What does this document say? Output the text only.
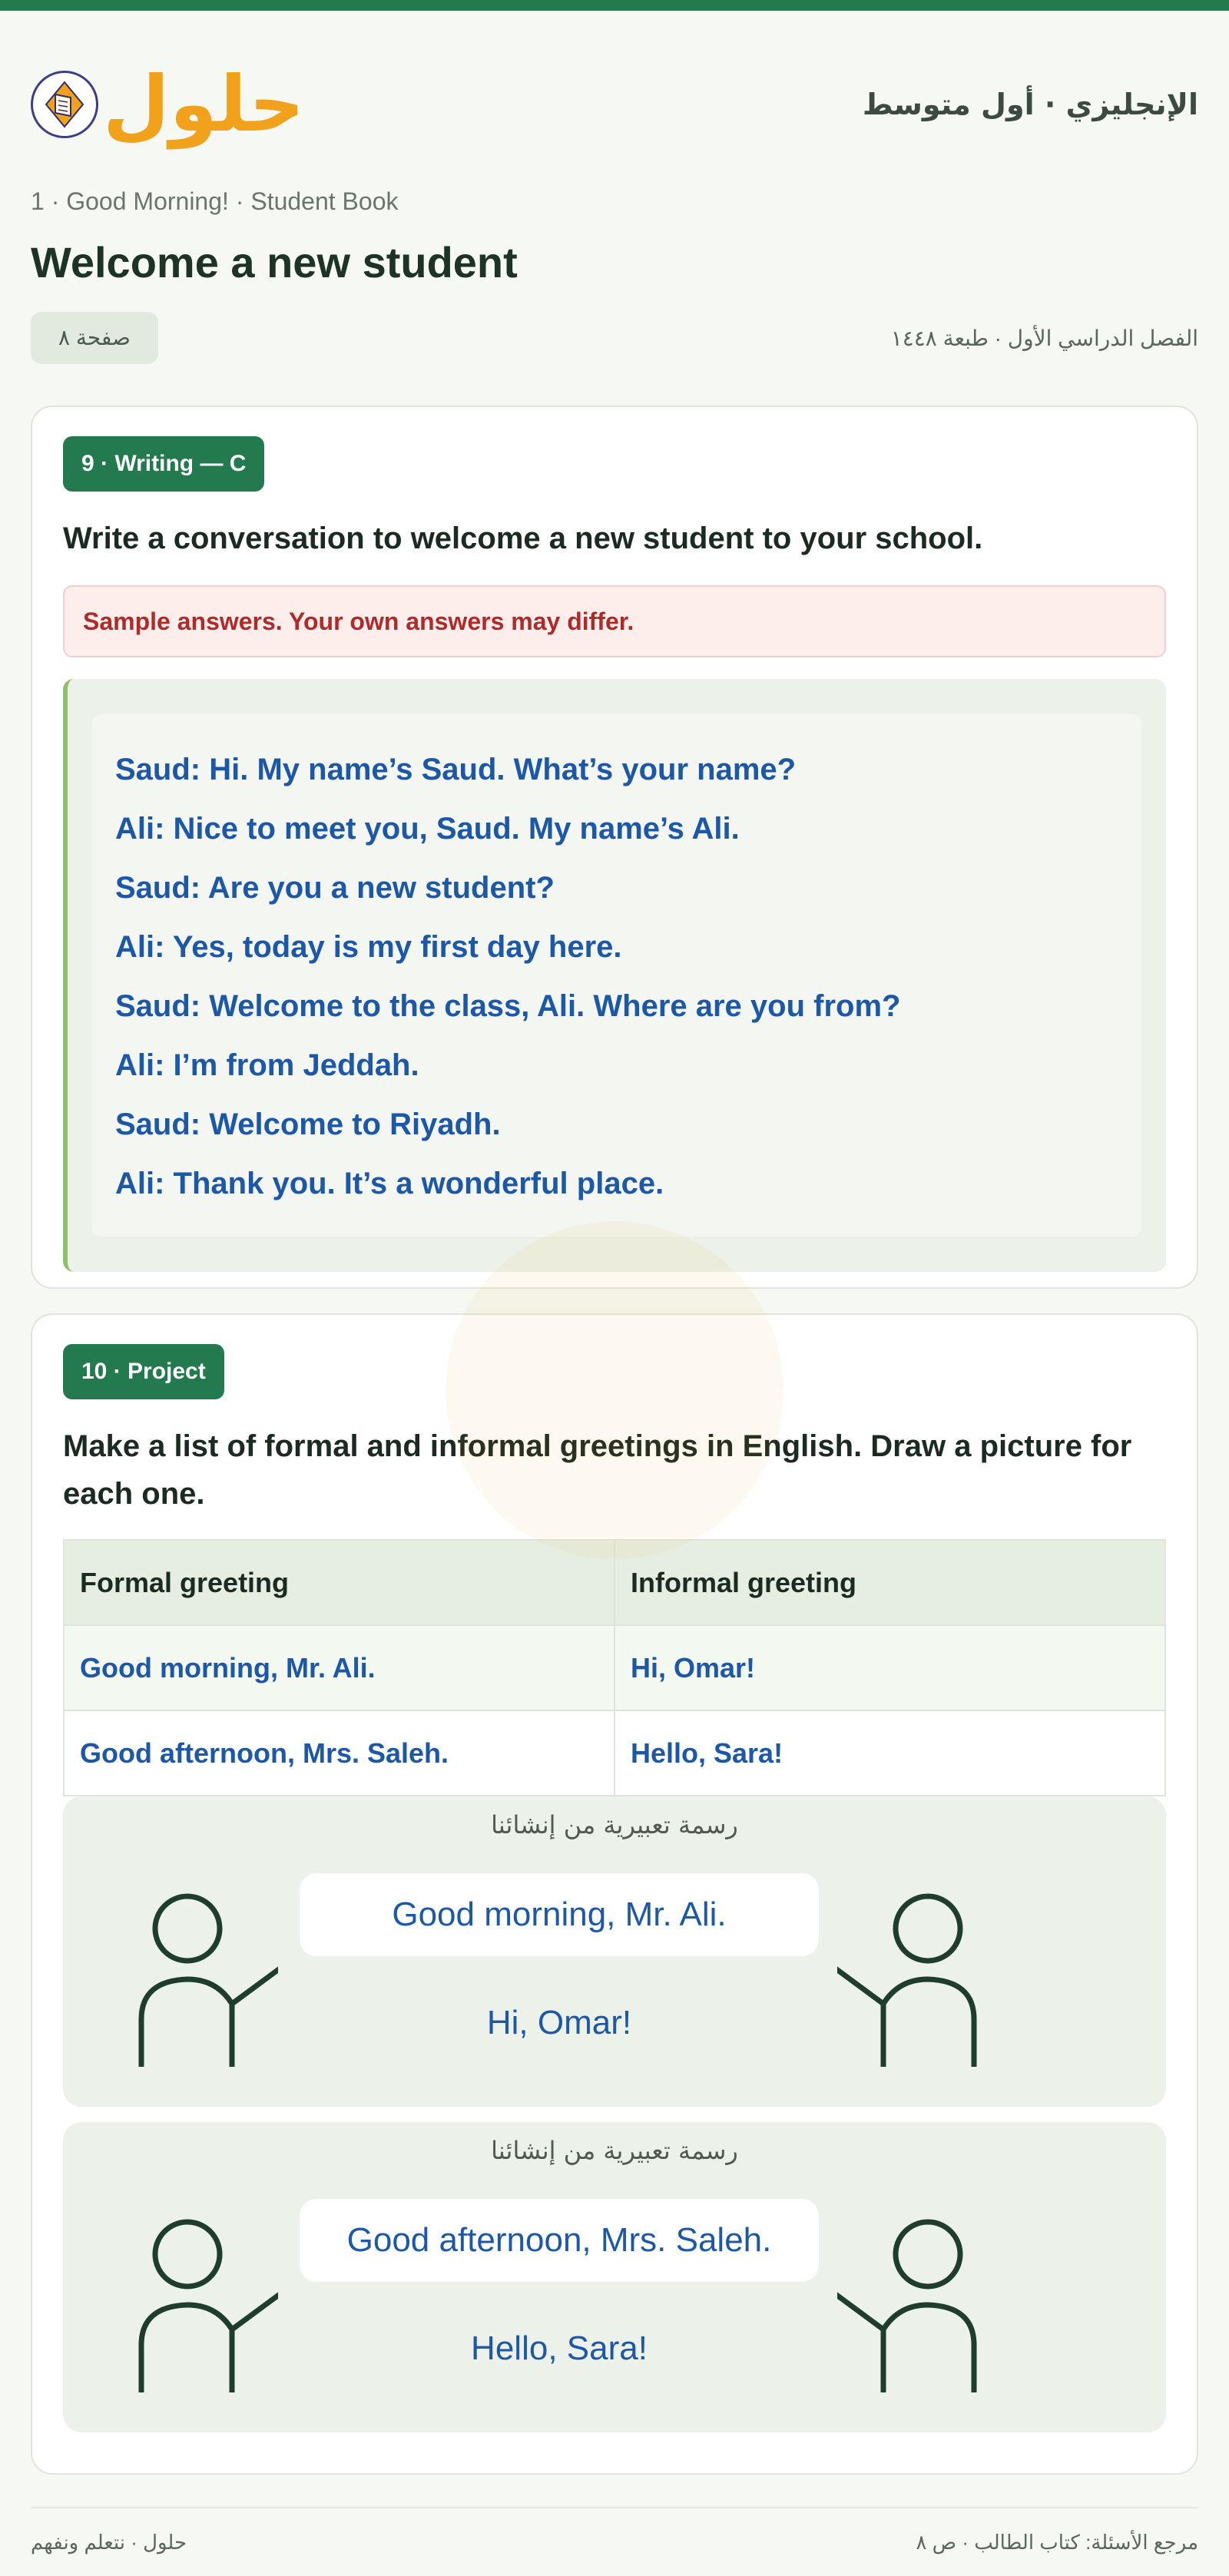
حلول	الإنجليزي · أول متوسط
1 · Good Morning! · Student Book
Welcome a new student
صفحة ٨	الفصل الدراسي الأول · طبعة ١٤٤٨
9 · Writing — C

Write a conversation to welcome a new student to your school.

Sample answers. Your own answers may differ.
Saud: Hi. My name’s Saud. What’s your name?
Ali: Nice to meet you, Saud. My name’s Ali.
Saud: Are you a new student?
Ali: Yes, today is my first day here.
Saud: Welcome to the class, Ali. Where are you from?
Ali: I’m from Jeddah.
Saud: Welcome to Riyadh.
Ali: Thank you. It’s a wonderful place.
10 · Project

Make a list of formal and informal greetings in English. Draw a picture for each one.

Formal greeting	Informal greeting
Good morning, Mr. Ali.	Hi, Omar!
Good afternoon, Mrs. Saleh.	Hello, Sara!
رسمة تعبيرية من إنشائنا
Good morning, Mr. Ali.
Hi, Omar!
رسمة تعبيرية من إنشائنا
Good afternoon, Mrs. Saleh.
Hello, Sara!
حلول · نتعلم ونفهم	مرجع الأسئلة: كتاب الطالب · ص ٨
